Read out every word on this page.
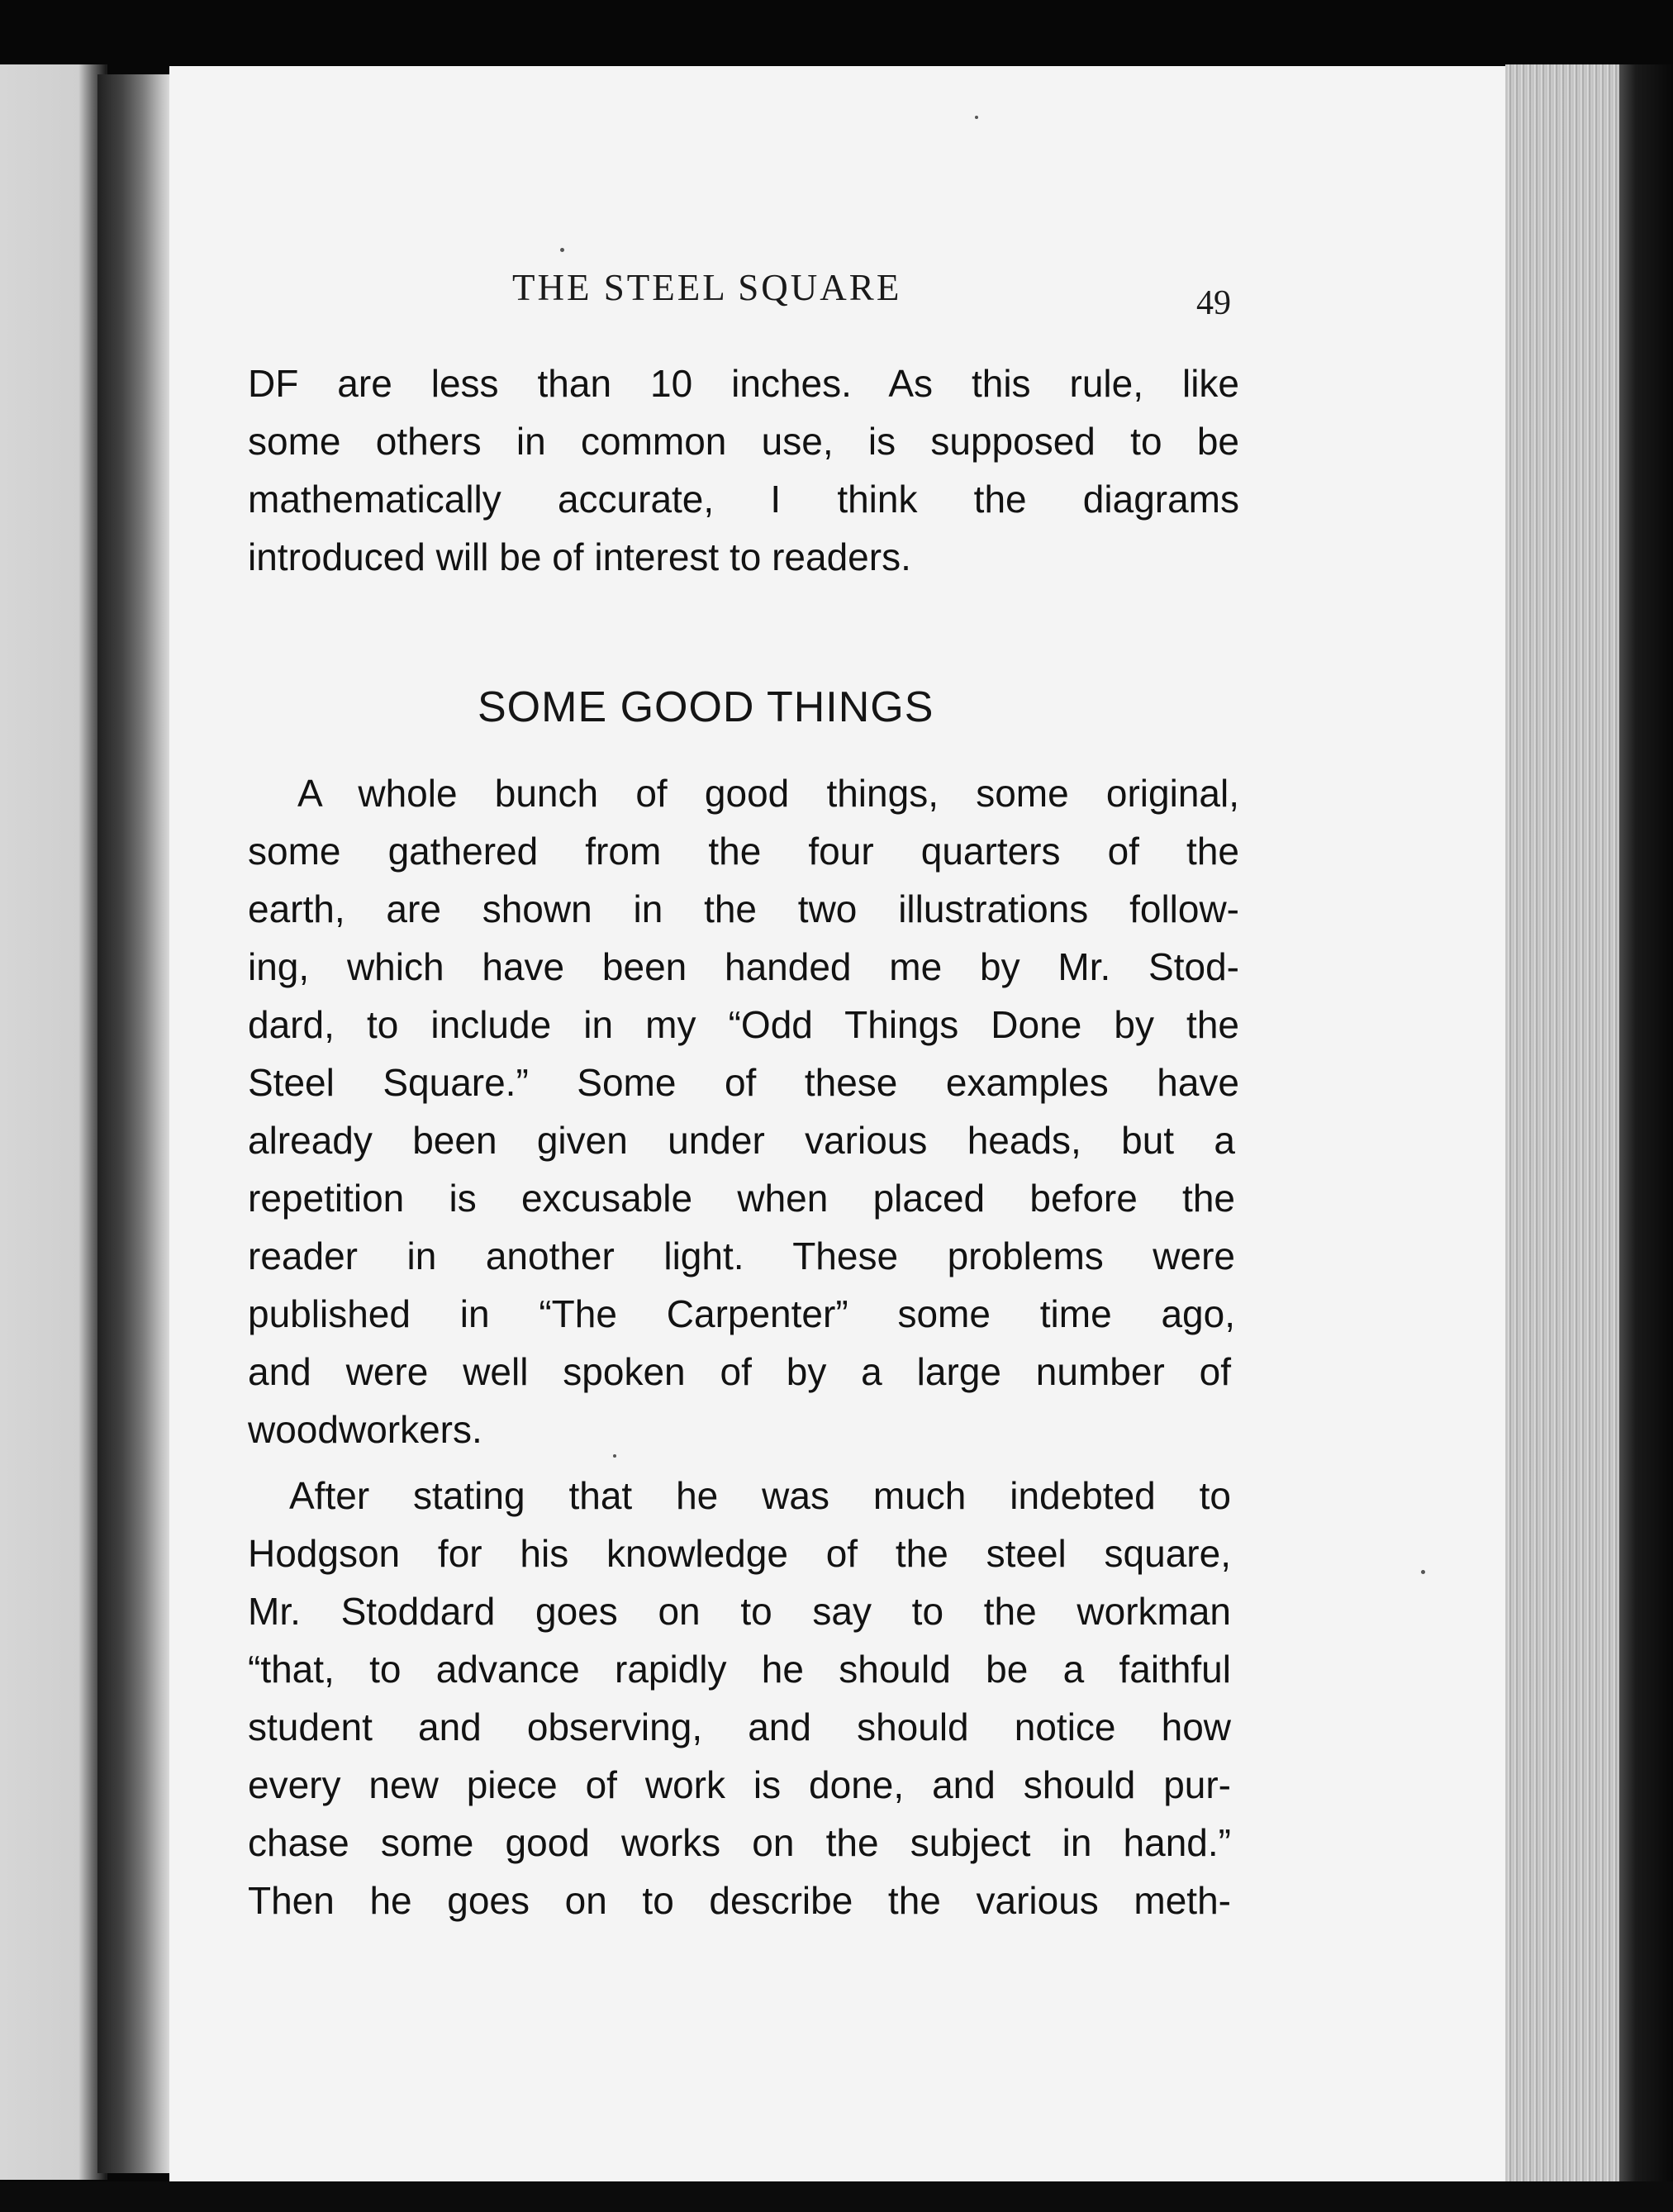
THE STEEL SQUARE	49
DF are less than 10 inches. As this rule, like
some others in common use, is supposed to be
mathematically accurate, I think the diagrams
introduced will be of interest to readers.
SOME GOOD THINGS
A whole bunch of good things, some original,
some gathered from the four quarters of the
earth, are shown in the two illustrations follow-
ing, which have been handed me by Mr. Stod-
dard, to include in my “Odd Things Done by the
Steel Square.” Some of these examples have
already been given under various heads, but a
repetition is excusable when placed before the
reader in another light. These problems were
published in “The Carpenter” some time ago,
and were well spoken of by a large number of
woodworkers.
After stating that he was much indebted to
Hodgson for his knowledge of the steel square,
Mr. Stoddard goes on to say to the workman
“that, to advance rapidly he should be a faithful
student and observing, and should notice how
every new piece of work is done, and should pur-
chase some good works on the subject in hand.”
Then he goes on to describe the various meth-
